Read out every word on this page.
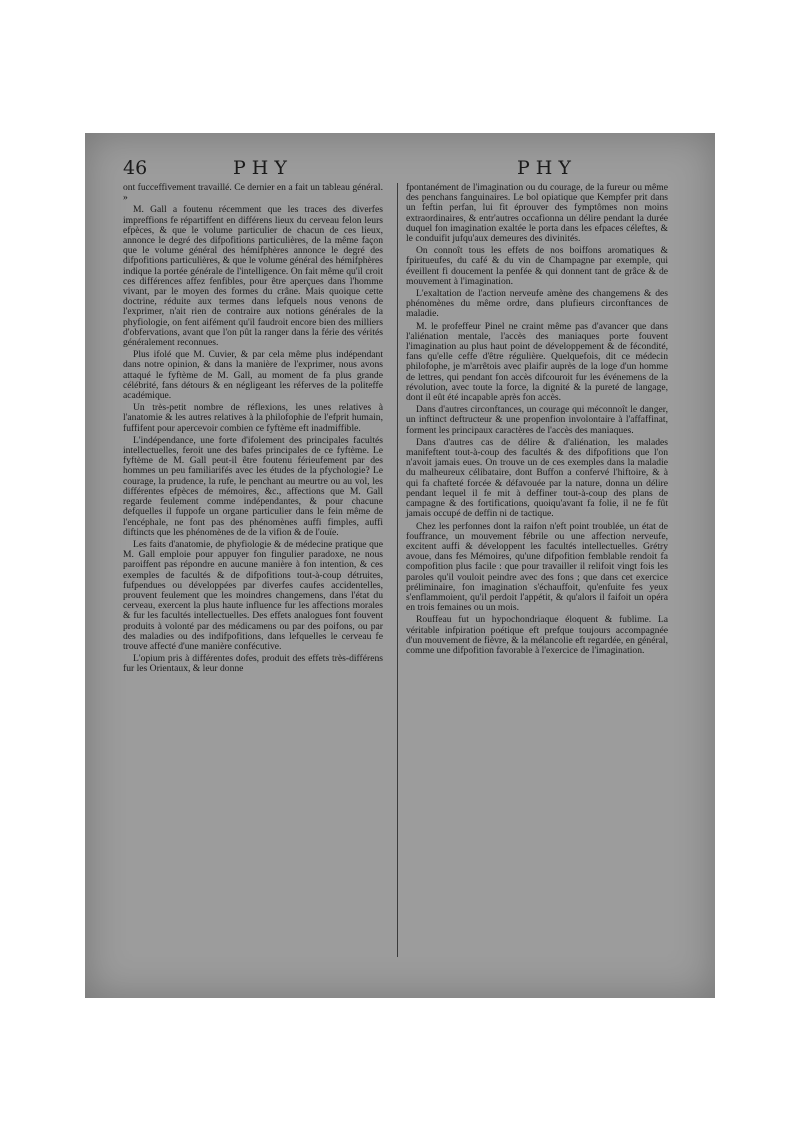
46	PHY	PHY

ont fucceffivement travaillé. Ce dernier en a fait un tableau général. »

M. Gall a foutenu récemment que les traces des diverfes impreffions fe répartiffent en différens lieux du cerveau felon leurs efpèces, & que le volume particulier de chacun de ces lieux, annonce le degré des difpofitions particulières, de la même façon que le volume général des hémifphères annonce le degré des difpofitions particulières, & que le volume général des hémifphères indique la portée générale de l'intelligence. On fait même qu'il croit ces différences affez fenfibles, pour être aperçues dans l'homme vivant, par le moyen des formes du crâne. Mais quoique cette doctrine, réduite aux termes dans lefquels nous venons de l'exprimer, n'ait rien de contraire aux notions générales de la phyfiologie, on fent aifément qu'il faudroit encore bien des milliers d'obfervations, avant que l'on pût la ranger dans la férie des vérités généralement reconnues.

Plus ifolé que M. Cuvier, & par cela même plus indépendant dans notre opinion, & dans la manière de l'exprimer, nous avons attaqué le fyftème de M. Gall, au moment de fa plus grande célébrité, fans détours & en négligeant les réferves de la politeffe académique.

Un très-petit nombre de réflexions, les unes relatives à l'anatomie & les autres relatives à la philofophie de l'efprit humain, fuffifent pour apercevoir combien ce fyftème eft inadmiffible.

L'indépendance, une forte d'ifolement des principales facultés intellectuelles, feroit une des bafes principales de ce fyftème. Le fyftème de M. Gall peut-il être foutenu férieufement par des hommes un peu familiarifés avec les études de la pfychologie? Le courage, la prudence, la rufe, le penchant au meurtre ou au vol, les différentes efpèces de mémoires, &c., affections que M. Gall regarde feulement comme indépendantes, & pour chacune defquelles il fuppofe un organe particulier dans le fein même de l'encéphale, ne font pas des phénomènes auffi fimples, auffi diftincts que les phénomènes de de la vifion & de l'ouïe.

Les faits d'anatomie, de phyfiologie & de médecine pratique que M. Gall emploie pour appuyer fon fingulier paradoxe, ne nous paroiffent pas répondre en aucune manière à fon intention, & ces exemples de facultés & de difpofitions tout-à-coup détruites, fufpendues ou développées par diverfes caufes accidentelles, prouvent feulement que les moindres changemens, dans l'état du cerveau, exercent la plus haute influence fur les affections morales & fur les facultés intellectuelles. Des effets analogues font fouvent produits à volonté par des médicamens ou par des poifons, ou par des maladies ou des indifpofitions, dans lefquelles le cerveau fe trouve affecté d'une manière confécutive.

L'opium pris à différentes dofes, produit des effets très-différens fur les Orientaux, & leur donne

fpontanément de l'imagination ou du courage, de la fureur ou même des penchans fanguinaires. Le bol opiatique que Kempfer prit dans un feftin perfan, lui fit éprouver des fymptômes non moins extraordinaires, & entr'autres occafionna un délire pendant la durée duquel fon imagination exaltée le porta dans les efpaces céleftes, & le conduifit jufqu'aux demeures des divinités.

On connoît tous les effets de nos boiffons aromatiques & fpiritueufes, du café & du vin de Champagne par exemple, qui éveillent fi doucement la penfée & qui donnent tant de grâce & de mouvement à l'imagination.

L'exaltation de l'action nerveufe amène des changemens & des phénomènes du même ordre, dans plufieurs circonftances de maladie.

M. le profeffeur Pinel ne craint même pas d'avancer que dans l'aliénation mentale, l'accès des maniaques porte fouvent l'imagination au plus haut point de développement & de fécondité, fans qu'elle ceffe d'être régulière. Quelquefois, dit ce médecin philofophe, je m'arrêtois avec plaifir auprès de la loge d'un homme de lettres, qui pendant fon accès difcouroit fur les événemens de la révolution, avec toute la force, la dignité & la pureté de langage, dont il eût été incapable après fon accès.

Dans d'autres circonftances, un courage qui méconnoît le danger, un inftinct deftructeur & une propenfion involontaire à l'affaffinat, forment les principaux caractères de l'accès des maniaques.

Dans d'autres cas de délire & d'aliénation, les malades manifeftent tout-à-coup des facultés & des difpofitions que l'on n'avoit jamais eues. On trouve un de ces exemples dans la maladie du malheureux célibataire, dont Buffon a confervé l'hiftoire, & à qui fa chafteté forcée & défavouée par la nature, donna un délire pendant lequel il fe mit à deffiner tout-à-coup des plans de campagne & des fortifications, quoiqu'avant fa folie, il ne fe fût jamais occupé de deffin ni de tactique.

Chez les perfonnes dont la raifon n'eft point troublée, un état de fouffrance, un mouvement fébrile ou une affection nerveufe, excitent auffi & développent les facultés intellectuelles. Grétry avoue, dans fes Mémoires, qu'une difpofition femblable rendoit fa compofition plus facile : que pour travailler il relifoit vingt fois les paroles qu'il vouloit peindre avec des fons ; que dans cet exercice préliminaire, fon imagination s'échauffoit, qu'enfuite fes yeux s'enflammoient, qu'il perdoit l'appétit, & qu'alors il faifoit un opéra en trois femaines ou un mois.

Rouffeau fut un hypochondriaque éloquent & fublime. La véritable infpiration poétique eft prefque toujours accompagnée d'un mouvement de fièvre, & la mélancolie eft regardée, en général, comme une difpofition favorable à l'exercice de l'imagination.
